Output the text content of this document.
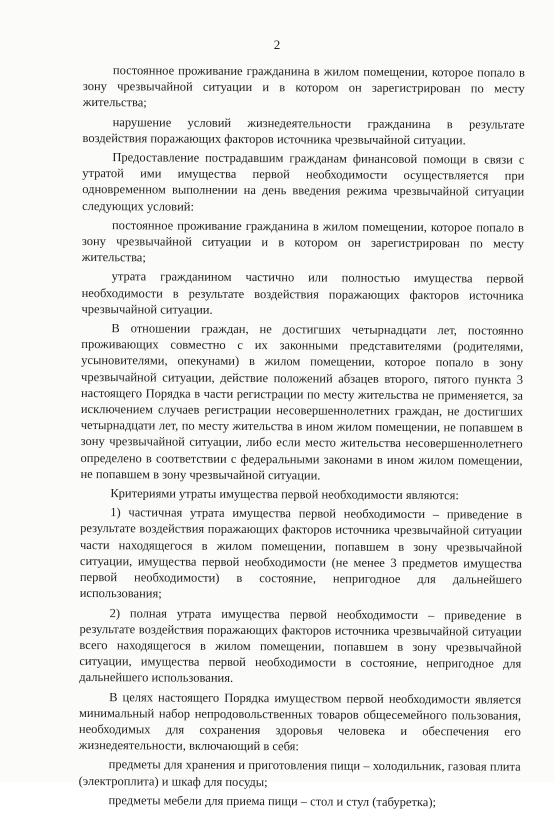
2

постоянное проживание гражданина в жилом помещении, которое попало в зону чрезвычайной ситуации и в котором он зарегистрирован по месту жительства;

нарушение условий жизнедеятельности гражданина в результате воздействия поражающих факторов источника чрезвычайной ситуации.

Предоставление пострадавшим гражданам финансовой помощи в связи с утратой ими имущества первой необходимости осуществляется при одновременном выполнении на день введения режима чрезвычайной ситуации следующих условий:

постоянное проживание гражданина в жилом помещении, которое попало в зону чрезвычайной ситуации и в котором он зарегистрирован по месту жительства;

утрата гражданином частично или полностью имущества первой необходимости в результате воздействия поражающих факторов источника чрезвычайной ситуации.

В отношении граждан, не достигших четырнадцати лет, постоянно проживающих совместно с их законными представителями (родителями, усыновителями, опекунами) в жилом помещении, которое попало в зону чрезвычайной ситуации, действие положений абзацев второго, пятого пункта 3 настоящего Порядка в части регистрации по месту жительства не применяется, за исключением случаев регистрации несовершеннолетних граждан, не достигших четырнадцати лет, по месту жительства в ином жилом помещении, не попавшем в зону чрезвычайной ситуации, либо если место жительства несовершеннолетнего определено в соответствии с федеральными законами в ином жилом помещении, не попавшем в зону чрезвычайной ситуации.

Критериями утраты имущества первой необходимости являются:

1) частичная утрата имущества первой необходимости – приведение в результате воздействия поражающих факторов источника чрезвычайной ситуации части находящегося в жилом помещении, попавшем в зону чрезвычайной ситуации, имущества первой необходимости (не менее 3 предметов имущества первой необходимости) в состояние, непригодное для дальнейшего использования;

2) полная утрата имущества первой необходимости – приведение в результате воздействия поражающих факторов источника чрезвычайной ситуации всего находящегося в жилом помещении, попавшем в зону чрезвычайной ситуации, имущества первой необходимости в состояние, непригодное для дальнейшего использования.

В целях настоящего Порядка имуществом первой необходимости является минимальный набор непродовольственных товаров общесемейного пользования, необходимых для сохранения здоровья человека и обеспечения его жизнедеятельности, включающий в себя:

предметы для хранения и приготовления пищи – холодильник, газовая плита (электроплита) и шкаф для посуды;

предметы мебели для приема пищи – стол и стул (табуретка);
